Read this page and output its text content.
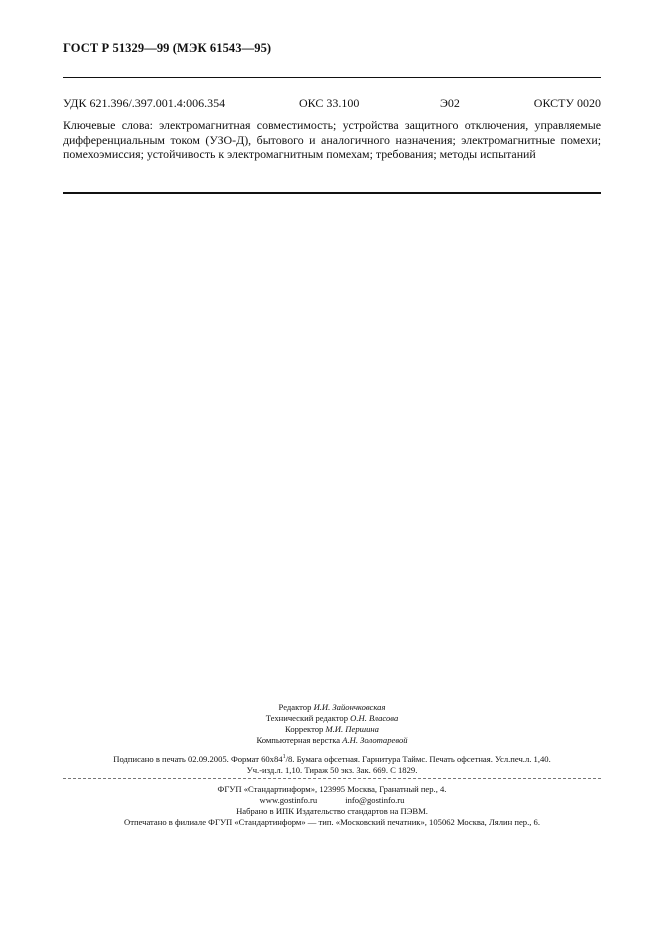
ГОСТ Р 51329—99 (МЭК 61543—95)
УДК 621.396/.397.001.4:006.354	ОКС 33.100	Э02	ОКСТУ 0020
Ключевые слова: электромагнитная совместимость; устройства защитного отключения, управляемые дифференциальным током (УЗО-Д), бытового и аналогичного назначения; электромагнитные помехи; помехоэмиссия; устойчивость к электромагнитным помехам; требования; методы испытаний
Редактор И.И. Зайончковская
Технический редактор О.Н. Власова
Корректор М.И. Першина
Компьютерная верстка А.Н. Золотаревой
Подписано в печать 02.09.2005. Формат $60х84^1/8$. Бумага офсетная. Гарнитура Таймс. Печать офсетная. Усл.печ.л. 1,40.
Уч.-изд.л. 1,10. Тираж 50 экз. Зак. 669. С 1829.
ФГУП «Стандартинформ», 123995 Москва, Гранатный пер., 4.
www.gostinfo.ru	info@gostinfo.ru
Набрано в ИПК Издательство стандартов на ПЭВМ.
Отпечатано в филиале ФГУП «Стандартинформ» — тип. «Московский печатник», 105062 Москва, Лялин пер., 6.
